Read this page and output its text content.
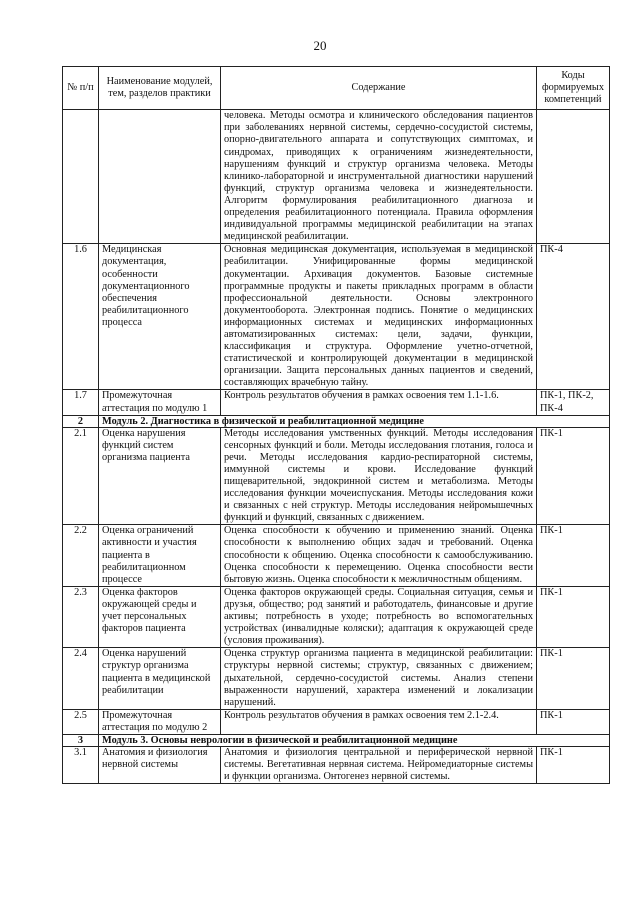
20
№ п/п	Наименование модулей, тем, разделов практики	Содержание	Коды формируемых компетенций
		человека. Методы осмотра и клинического обследования пациентов при заболеваниях нервной системы, сердечно-сосудистой системы, опорно-двигательного аппарата и сопутствующих симптомах, и синдромах, приводящих к ограничениям жизнедеятельности, нарушениям функций и структур организма человека. Методы клинико-лабораторной и инструментальной диагностики нарушений функций, структур организма человека и жизнедеятельности. Алгоритм формулирования реабилитационного диагноза и определения реабилитационного потенциала. Правила оформления индивидуальной программы медицинской реабилитации на этапах медицинской реабилитации.	
1.6	Медицинская документация, особенности документационного обеспечения реабилитационного процесса	Основная медицинская документация, используемая в медицинской реабилитации. Унифицированные формы медицинской документации. Архивация документов. Базовые системные программные продукты и пакеты прикладных программ в области профессиональной деятельности. Основы электронного документооборота. Электронная подпись. Понятие о медицинских информационных системах и медицинских информационных автоматизированных системах: цели, задачи, функции, классификация и структура. Оформление учетно-отчетной, статистической и контролирующей документации в медицинской организации. Защита персональных данных пациентов и сведений, составляющих врачебную тайну.	ПК-4
1.7	Промежуточная аттестация по модулю 1	Контроль результатов обучения в рамках освоения тем 1.1-1.6.	ПК-1, ПК-2, ПК-4
2	Модуль 2. Диагностика в физической и реабилитационной медицине		
2.1	Оценка нарушения функций систем организма пациента	Методы исследования умственных функций. Методы исследования сенсорных функций и боли. Методы исследования глотания, голоса и речи. Методы исследования кардио-респираторной системы, иммунной системы и крови. Исследование функций пищеварительной, эндокринной систем и метаболизма. Методы исследования функции мочеиспускания. Методы исследования кожи и связанных с ней структур. Методы исследования нейромышечных функций и функций, связанных с движением.	ПК-1
2.2	Оценка ограничений активности и участия пациента в реабилитационном процессе	Оценка способности к обучению и применению знаний. Оценка способности к выполнению общих задач и требований. Оценка способности к общению. Оценка способности к самообслуживанию. Оценка способности к перемещению. Оценка способности вести бытовую жизнь. Оценка способности к межличностным общениям.	ПК-1
2.3	Оценка факторов окружающей среды и учет персональных факторов пациента	Оценка факторов окружающей среды. Социальная ситуация, семья и друзья, общество; род занятий и работодатель, финансовые и другие активы; потребность в уходе; потребность во вспомогательных устройствах (инвалидные коляски); адаптация к окружающей среде (условия проживания).	ПК-1
2.4	Оценка нарушений структур организма пациента в медицинской реабилитации	Оценка структур организма пациента в медицинской реабилитации: структуры нервной системы; структур, связанных с движением; дыхательной, сердечно-сосудистой системы. Анализ степени выраженности нарушений, характера изменений и локализации нарушений.	ПК-1
2.5	Промежуточная аттестация по модулю 2	Контроль результатов обучения в рамках освоения тем 2.1-2.4.	ПК-1
3	Модуль 3. Основы неврологии в физической и реабилитационной медицине		
3.1	Анатомия и физиология нервной системы	Анатомия и физиология центральной и периферической нервной системы. Вегетативная нервная система. Нейромедиаторные системы и функции организма. Онтогенез нервной системы.	ПК-1
